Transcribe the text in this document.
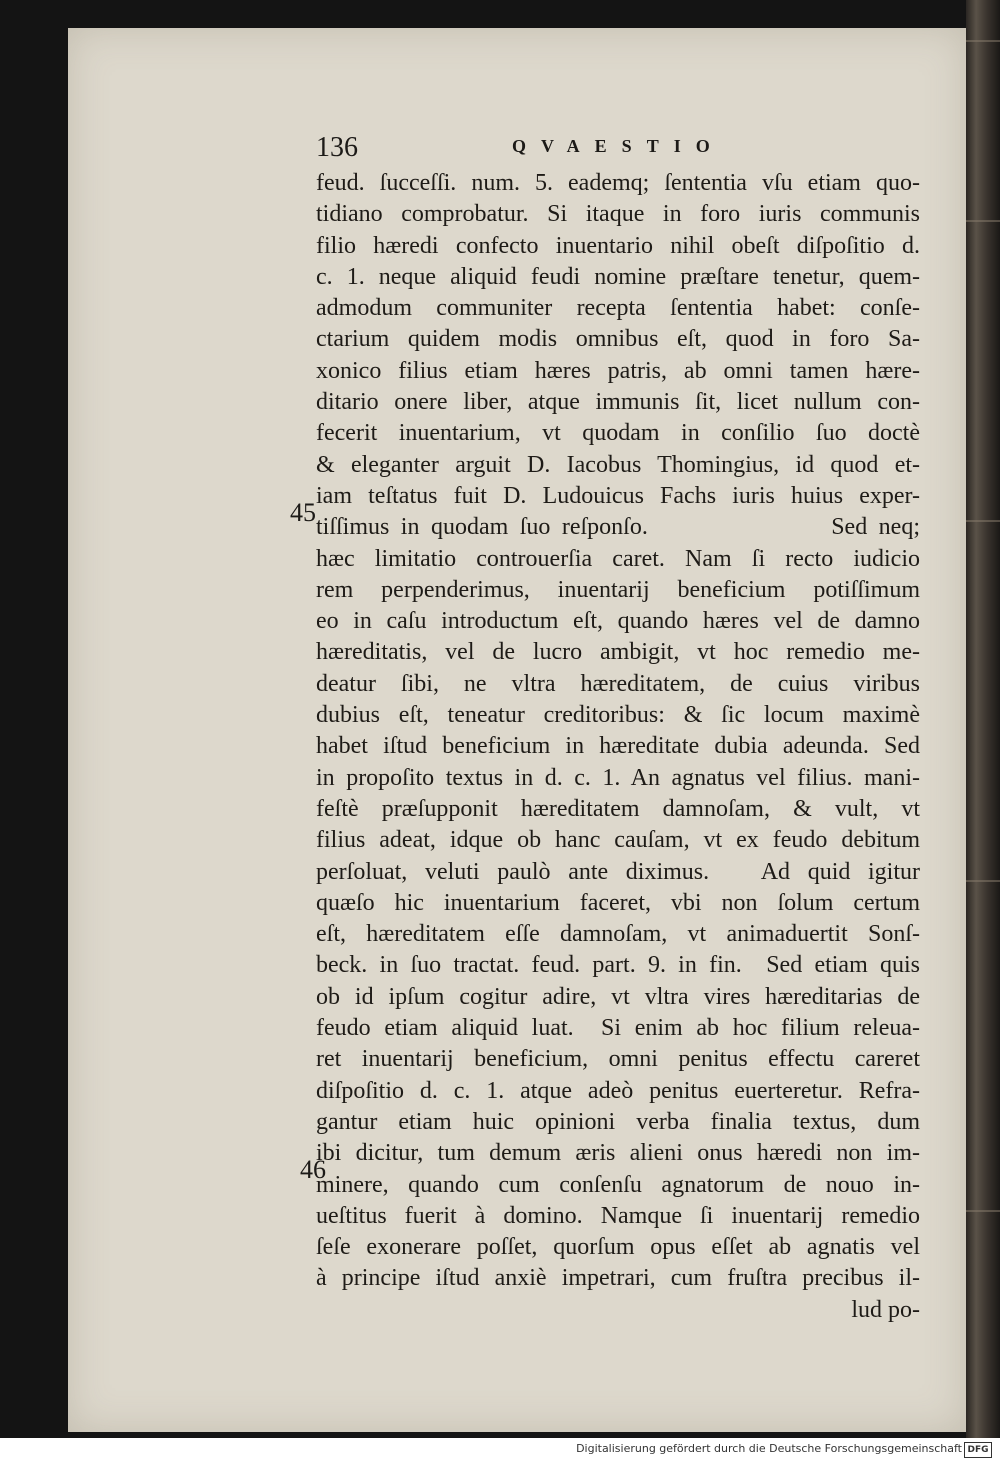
136	QVAESTIO
45
46
feud. ſucceſſi. num. 5. eademq; ſententia vſu etiam quo-
tidiano comprobatur. Si itaque in foro iuris communis
filio hæredi confecto inuentario nihil obeſt diſpoſitio d.
c. 1. neque aliquid feudi nomine præſtare tenetur, quem-
admodum communiter recepta ſententia habet: conſe-
ctarium quidem modis omnibus eſt, quod in foro Sa-
xonico filius etiam hæres patris, ab omni tamen hære-
ditario onere liber, atque immunis ſit, licet nullum con-
fecerit inuentarium, vt quodam in conſilio ſuo doctè
& eleganter arguit D. Iacobus Thomingius, id quod et-
iam teſtatus fuit D. Ludouicus Fachs iuris huius exper-
tiſſimus in quodam ſuo reſponſo.                Sed neq;
hæc limitatio controuerſia caret. Nam ſi recto iudicio
rem perpenderimus, inuentarij beneficium potiſſimum
eo in caſu introductum eſt, quando hæres vel de damno
hæreditatis, vel de lucro ambigit, vt hoc remedio me-
deatur ſibi, ne vltra hæreditatem, de cuius viribus
dubius eſt, teneatur creditoribus: & ſic locum maximè
habet iſtud beneficium in hæreditate dubia adeunda. Sed
in propoſito textus in d. c. 1. An agnatus vel filius. mani-
feſtè præſupponit hæreditatem damnoſam, & vult, vt
filius adeat, idque ob hanc cauſam, vt ex feudo debitum
perſoluat, veluti paulò ante diximus.   Ad quid igitur
quæſo hic inuentarium faceret, vbi non ſolum certum
eſt, hæreditatem eſſe damnoſam, vt animaduertit Sonſ-
beck. in ſuo tractat. feud. part. 9. in fin.  Sed etiam quis
ob id ipſum cogitur adire, vt vltra vires hæreditarias de
feudo etiam aliquid luat.  Si enim ab hoc filium releua-
ret inuentarij beneficium, omni penitus effectu careret
diſpoſitio d. c. 1. atque adeò penitus euerteretur. Refra-
gantur etiam huic opinioni verba finalia textus, dum
ibi dicitur, tum demum æris alieni onus hæredi non im-
minere, quando cum conſenſu agnatorum de nouo in-
ueſtitus fuerit à domino. Namque ſi inuentarij remedio
ſeſe exonerare poſſet, quorſum opus eſſet ab agnatis vel
à principe iſtud anxiè impetrari, cum fruſtra precibus il-
lud po-
Digitalisierung gefördert durch die Deutsche Forschungsgemeinschaft DFG
